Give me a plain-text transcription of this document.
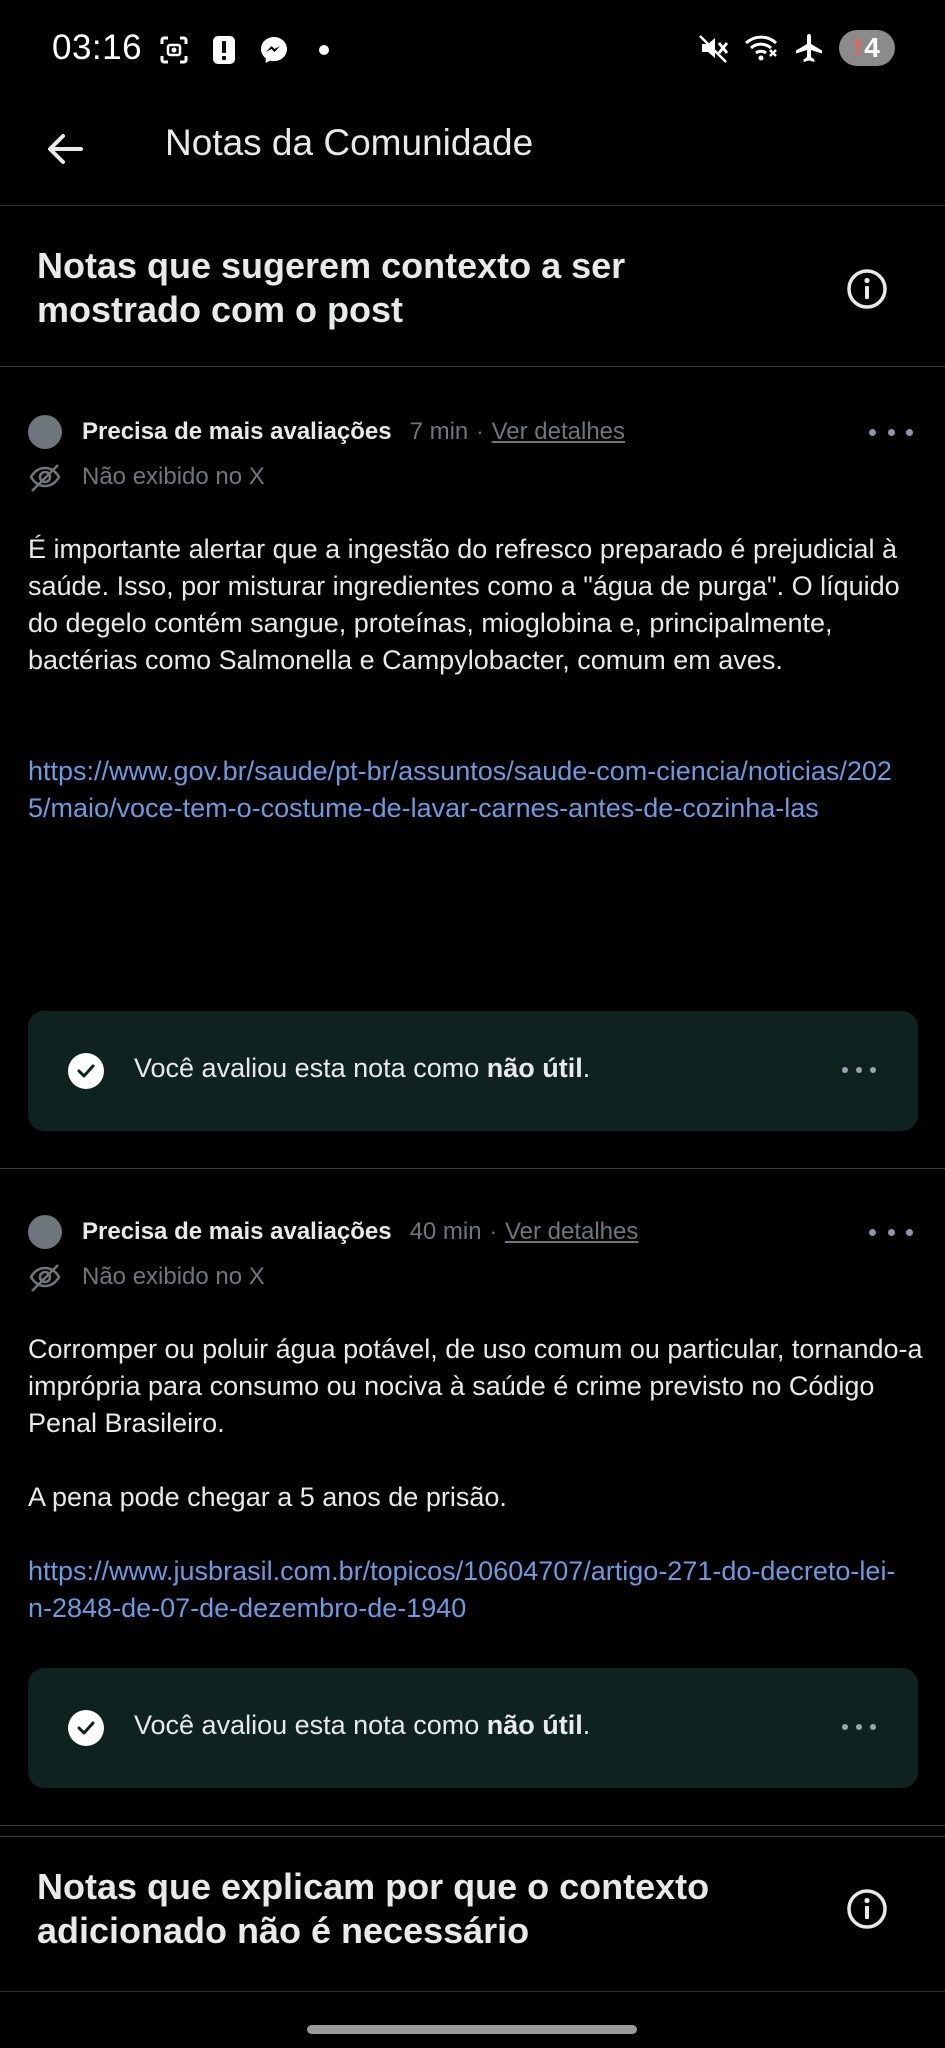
03:16	! 4
Notas da Comunidade
Notas que sugerem contexto a ser mostrado com o post
Precisa de mais avaliações 7 min · Ver detalhes
Não exibido no X

É importante alertar que a ingestão do refresco preparado é prejudicial à saúde. Isso, por misturar ingredientes como a "água de purga". O líquido do degelo contém sangue, proteínas, mioglobina e, principalmente, bactérias como Salmonella e Campylobacter, comum em aves.

https://www.gov.br/saude/pt-br/assuntos/saude-com-ciencia/noticias/2025/maio/voce-tem-o-costume-de-lavar-carnes-antes-de-cozinha-las
Você avaliou esta nota como não útil.
Precisa de mais avaliações 40 min · Ver detalhes
Não exibido no X

Corromper ou poluir água potável, de uso comum ou particular, tornando-a imprópria para consumo ou nociva à saúde é crime previsto no Código Penal Brasileiro.

A pena pode chegar a 5 anos de prisão.

https://www.jusbrasil.com.br/topicos/10604707/artigo-271-do-decreto-lei-n-2848-de-07-de-dezembro-de-1940
Você avaliou esta nota como não útil.
Notas que explicam por que o contexto adicionado não é necessário
